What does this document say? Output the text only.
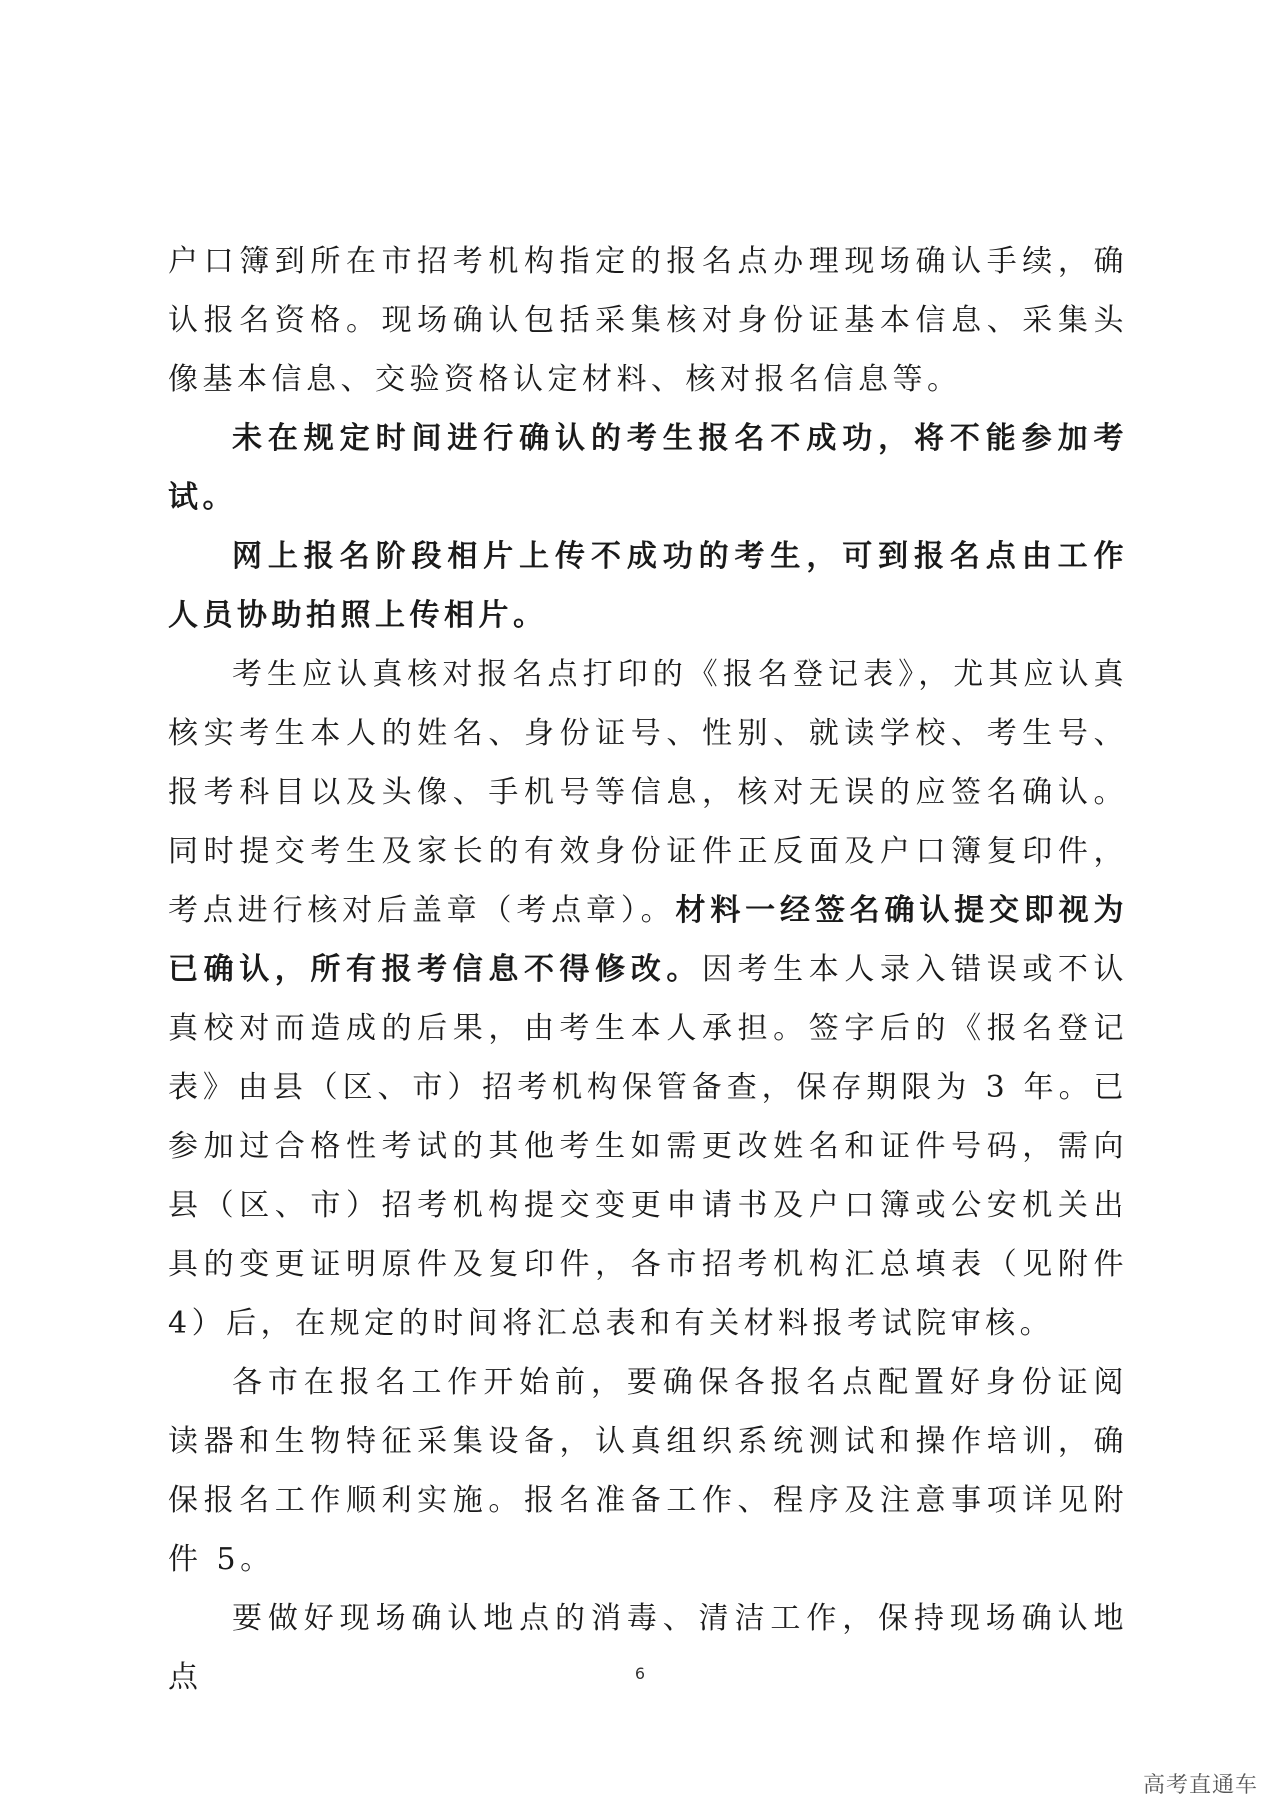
户口簿到所在市招考机构指定的报名点办理现场确认手续，确认报名资格。现场确认包括采集核对身份证基本信息、采集头像基本信息、交验资格认定材料、核对报名信息等。

未在规定时间进行确认的考生报名不成功，将不能参加考试。

网上报名阶段相片上传不成功的考生，可到报名点由工作人员协助拍照上传相片。

考生应认真核对报名点打印的《报名登记表》，尤其应认真核实考生本人的姓名、身份证号、性别、就读学校、考生号、报考科目以及头像、手机号等信息，核对无误的应签名确认。同时提交考生及家长的有效身份证件正反面及户口簿复印件，考点进行核对后盖章（考点章）。材料一经签名确认提交即视为已确认，所有报考信息不得修改。因考生本人录入错误或不认真校对而造成的后果，由考生本人承担。签字后的《报名登记表》由县（区、市）招考机构保管备查，保存期限为 3 年。已参加过合格性考试的其他考生如需更改姓名和证件号码，需向县（区、市）招考机构提交变更申请书及户口簿或公安机关出具的变更证明原件及复印件，各市招考机构汇总填表（见附件 4）后，在规定的时间将汇总表和有关材料报考试院审核。

各市在报名工作开始前，要确保各报名点配置好身份证阅读器和生物特征采集设备，认真组织系统测试和操作培训，确保报名工作顺利实施。报名准备工作、程序及注意事项详见附件 5。

要做好现场确认地点的消毒、清洁工作，保持现场确认地点	6
高考直通车
